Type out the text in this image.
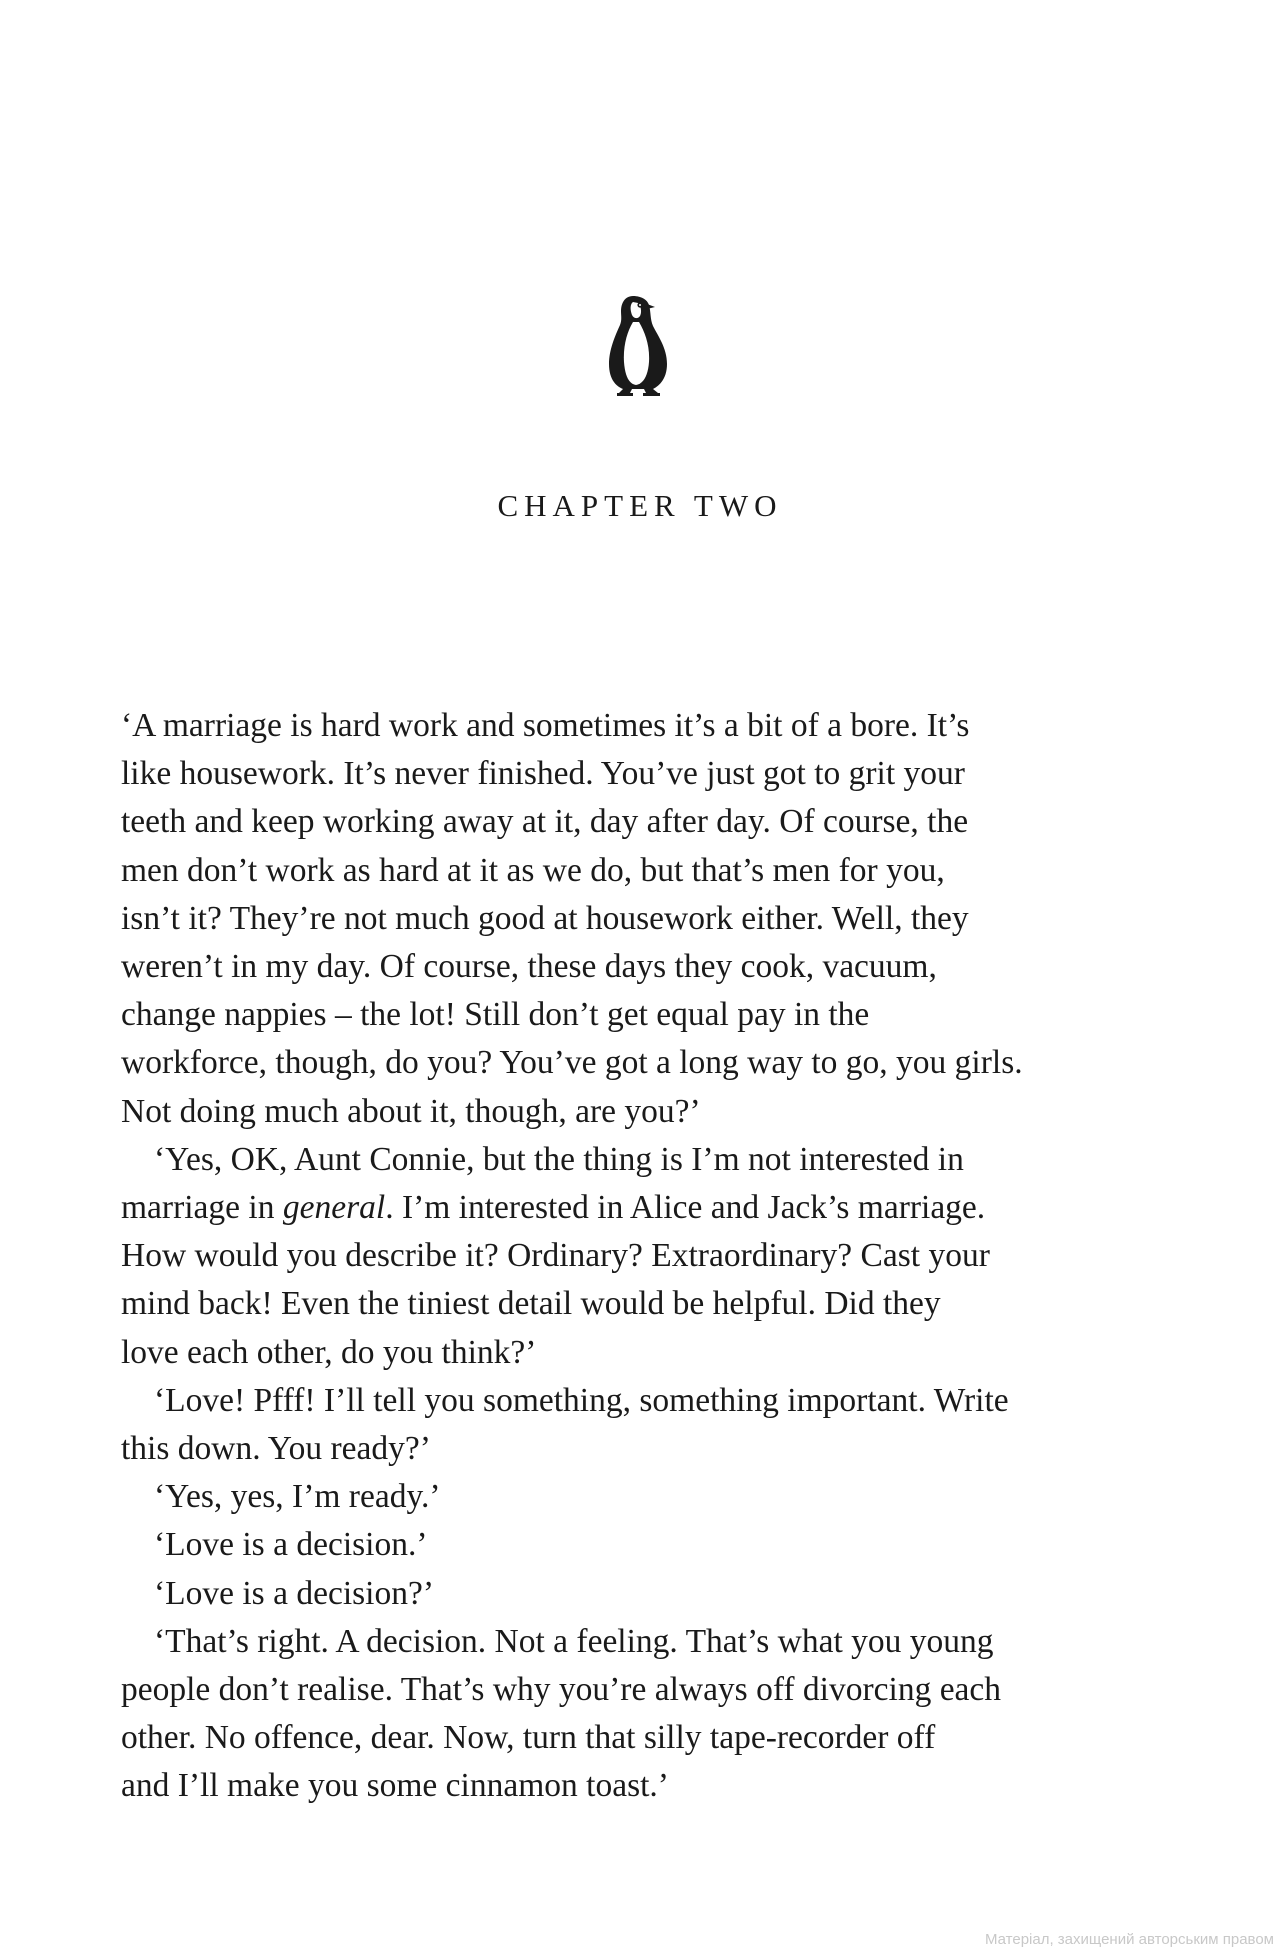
CHAPTER TWO
‘A marriage is hard work and sometimes it’s a bit of a bore. It’s
like housework. It’s never finished. You’ve just got to grit your
teeth and keep working away at it, day after day. Of course, the
men don’t work as hard at it as we do, but that’s men for you,
isn’t it? They’re not much good at housework either. Well, they
weren’t in my day. Of course, these days they cook, vacuum,
change nappies – the lot! Still don’t get equal pay in the
workforce, though, do you? You’ve got a long way to go, you girls.
Not doing much about it, though, are you?’
‘Yes, OK, Aunt Connie, but the thing is I’m not interested in
marriage in general. I’m interested in Alice and Jack’s marriage.
How would you describe it? Ordinary? Extraordinary? Cast your
mind back! Even the tiniest detail would be helpful. Did they
love each other, do you think?’
‘Love! Pfff! I’ll tell you something, something important. Write
this down. You ready?’
‘Yes, yes, I’m ready.’
‘Love is a decision.’
‘Love is a decision?’
‘That’s right. A decision. Not a feeling. That’s what you young
people don’t realise. That’s why you’re always off divorcing each
other. No offence, dear. Now, turn that silly tape-recorder off
and I’ll make you some cinnamon toast.’
Матеріал, захищений авторським правом
